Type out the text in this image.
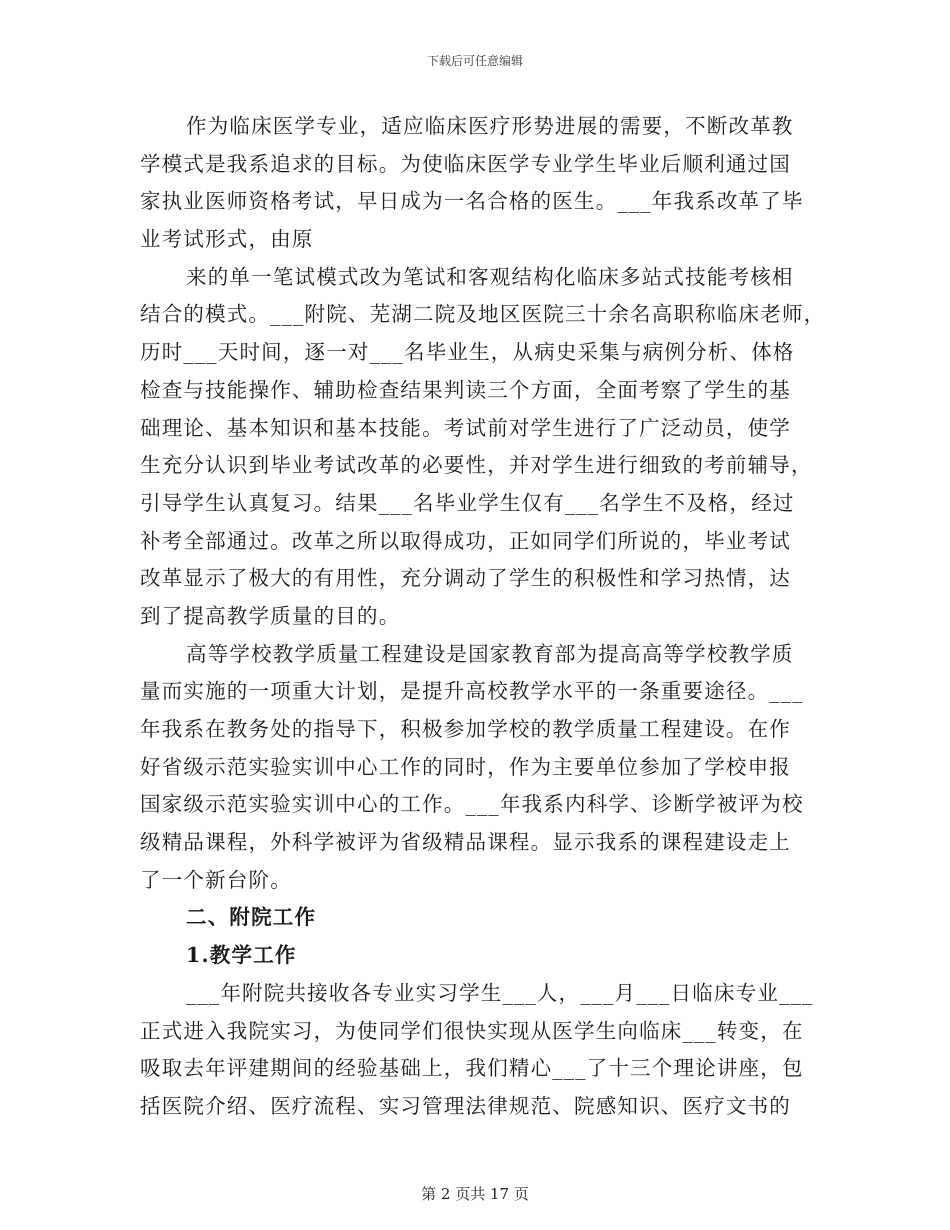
下载后可任意编辑
作为临床医学专业，适应临床医疗形势进展的需要，不断改革教
学模式是我系追求的目标。为使临床医学专业学生毕业后顺利通过国
家执业医师资格考试，早日成为一名合格的医生。___年我系改革了毕
业考试形式，由原
来的单一笔试模式改为笔试和客观结构化临床多站式技能考核相
结合的模式。___附院、芜湖二院及地区医院三十余名高职称临床老师，
历时___天时间，逐一对___名毕业生，从病史采集与病例分析、体格
检查与技能操作、辅助检查结果判读三个方面，全面考察了学生的基
础理论、基本知识和基本技能。考试前对学生进行了广泛动员，使学
生充分认识到毕业考试改革的必要性，并对学生进行细致的考前辅导，
引导学生认真复习。结果___名毕业学生仅有___名学生不及格，经过
补考全部通过。改革之所以取得成功，正如同学们所说的，毕业考试
改革显示了极大的有用性，充分调动了学生的积极性和学习热情，达
到了提高教学质量的目的。
高等学校教学质量工程建设是国家教育部为提高高等学校教学质
量而实施的一项重大计划，是提升高校教学水平的一条重要途径。___
年我系在教务处的指导下，积极参加学校的教学质量工程建设。在作
好省级示范实验实训中心工作的同时，作为主要单位参加了学校申报
国家级示范实验实训中心的工作。___年我系内科学、诊断学被评为校
级精品课程，外科学被评为省级精品课程。显示我系的课程建设走上
了一个新台阶。
二、附院工作
1.教学工作
___年附院共接收各专业实习学生___人，___月___日临床专业___
正式进入我院实习，为使同学们很快实现从医学生向临床___转变，在
吸取去年评建期间的经验基础上，我们精心___了十三个理论讲座，包
括医院介绍、医疗流程、实习管理法律规范、院感知识、医疗文书的
第 2 页共 17 页
